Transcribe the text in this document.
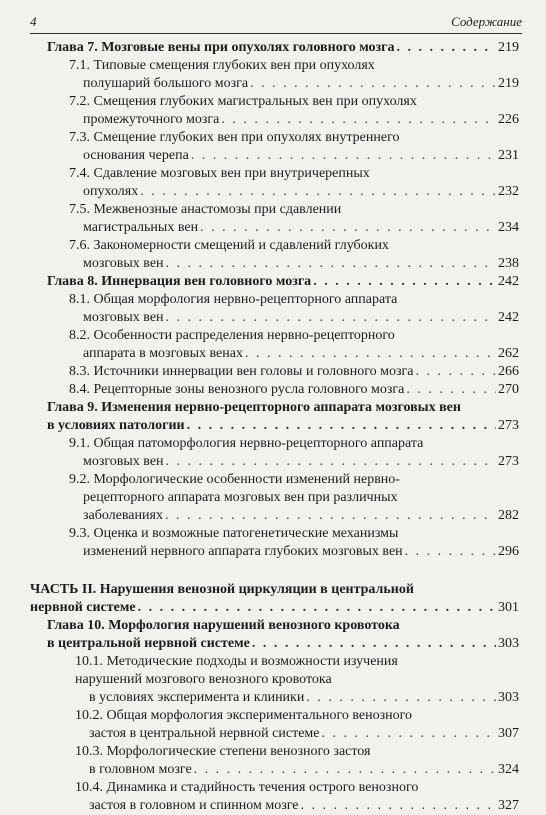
4	Содержание
Глава 7. Мозговые вены при опухолях головного мозга . . .	219
7.1. Типовые смещения глубоких вен при опухолях
полушарий большого мозга . . .	219
7.2. Смещения глубоких магистральных вен при опухолях
промежуточного мозга . . .	226
7.3. Смещение глубоких вен при опухолях внутреннего
основания черепа . . .	231
7.4. Сдавление мозговых вен при внутричерепных
опухолях . . .	232
7.5. Межвенозные анастомозы при сдавлении
магистральных вен . . .	234
7.6. Закономерности смещений и сдавлений глубоких
мозговых вен . . .	238
Глава 8. Иннервация вен головного мозга . . .	242
8.1. Общая морфология нервно-рецепторного аппарата
мозговых вен . . .	242
8.2. Особенности распределения нервно-рецепторного
аппарата в мозговых венах . . .	262
8.3. Источники иннервации вен головы и головного мозга . . .	266
8.4. Рецепторные зоны венозного русла головного мозга . . .	270
Глава 9. Изменения нервно-рецепторного аппарата мозговых вен
в условиях патологии . . .	273
9.1. Общая патоморфология нервно-рецепторного аппарата
мозговых вен . . .	273
9.2. Морфологические особенности изменений нервно-
рецепторного аппарата мозговых вен при различных
заболеваниях . . .	282
9.3. Оценка и возможные патогенетические механизмы
изменений нервного аппарата глубоких мозговых вен . . .	296
ЧАСТЬ II. Нарушения венозной циркуляции в центральной
нервной системе . . .	301
Глава 10. Морфология нарушений венозного кровотока
в центральной нервной системе . . .	303
10.1. Методические подходы и возможности изучения
нарушений мозгового венозного кровотока
в условиях эксперимента и клиники . . .	303
10.2. Общая морфология экспериментального венозного
застоя в центральной нервной системе . . .	307
10.3. Морфологические степени венозного застоя
в головном мозге . . .	324
10.4. Динамика и стадийность течения острого венозного
застоя в головном и спинном мозге . . .	327
